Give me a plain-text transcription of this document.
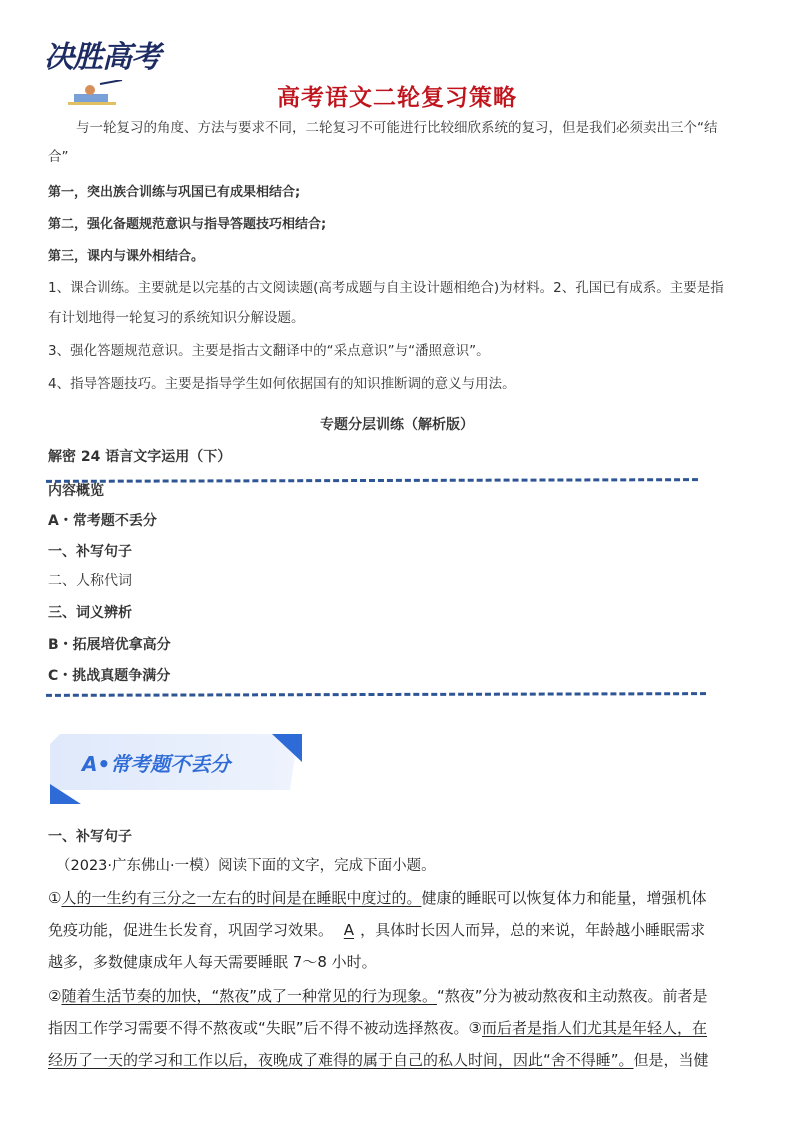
决胜高考
高考语文二轮复习策略
与一轮复习的角度、方法与要求不同，二轮复习不可能进行比较细欣系统的复习，但是我们必须卖出三个“结
合”
第一，突出族合训练与巩国已有成果相结合;
第二，强化备题规范意识与指导答题技巧相结合;
第三，课内与课外相结合。
1、课合训练。主要就是以完基的古文阅读题(高考成题与自主设计题相绝合)为材料。2、孔国已有成系。主要是指
有计划地得一轮复习的系统知识分解设题。
3、强化答题规范意识。主要是指古文翻译中的“采点意识”与“潘照意识”。
4、指导答题技巧。主要是指导学生如何依据国有的知识推断调的意义与用法。
专题分层训练（解析版）
解密 24 语言文字运用（下）
内容概览
A・常考题不丢分
一、补写句子
二、人称代词
三、词义辨析
B・拓展培优拿高分
C・挑战真题争满分
A•常考题不丢分
一、补写句子
（2023·广东佛山·一模）阅读下面的文字，完成下面小题。
①人的一生约有三分之一左右的时间是在睡眠中度过的。健康的睡眠可以恢复体力和能量，增强机体
免疫功能，促进生长发育，巩固学习效果。 A ，具体时长因人而异，总的来说，年龄越小睡眠需求
越多，多数健康成年人每天需要睡眠 7～8 小时。
②随着生活节奏的加快，“熬夜”成了一种常见的行为现象。“熬夜”分为被动熬夜和主动熬夜。前者是
指因工作学习需要不得不熬夜或“失眠”后不得不被动选择熬夜。③而后者是指人们尤其是年轻人，在
经历了一天的学习和工作以后，夜晚成了难得的属于自己的私人时间，因此“舍不得睡”。但是，当健
